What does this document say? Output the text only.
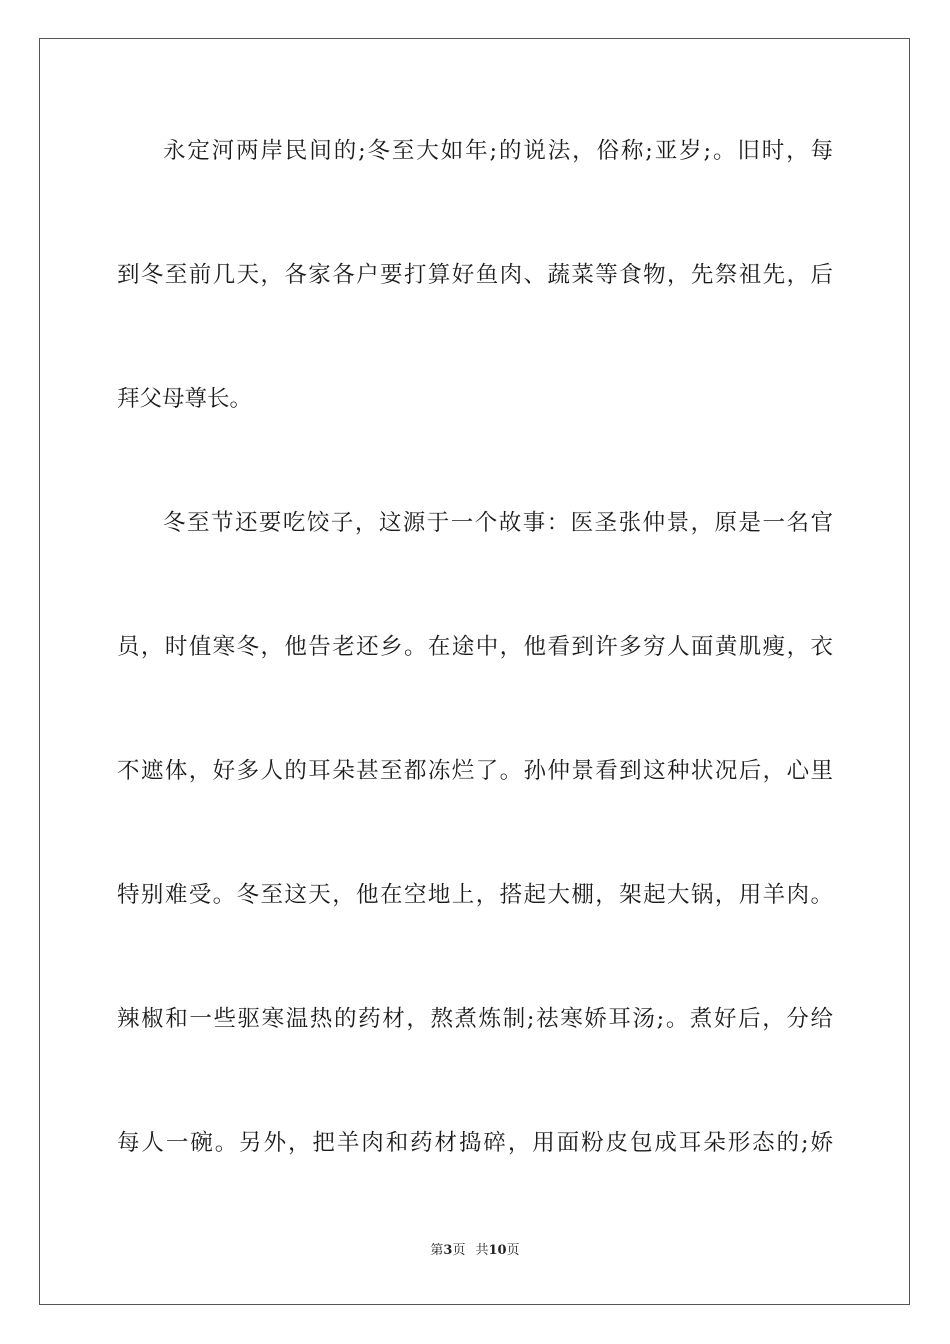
永定河两岸民间的;冬至大如年;的说法，俗称;亚岁;。旧时，每
到冬至前几天，各家各户要打算好鱼肉、蔬菜等食物，先祭祖先，后
拜父母尊长。
冬至节还要吃饺子，这源于一个故事：医圣张仲景，原是一名官
员，时值寒冬，他告老还乡。在途中，他看到许多穷人面黄肌瘦，衣
不遮体，好多人的耳朵甚至都冻烂了。孙仲景看到这种状况后，心里
特别难受。冬至这天，他在空地上，搭起大棚，架起大锅，用羊肉。
辣椒和一些驱寒温热的药材，熬煮炼制;祛寒娇耳汤;。煮好后，分给
每人一碗。另外，把羊肉和药材捣碎，用面粉皮包成耳朵形态的;娇
第3页 共10页
